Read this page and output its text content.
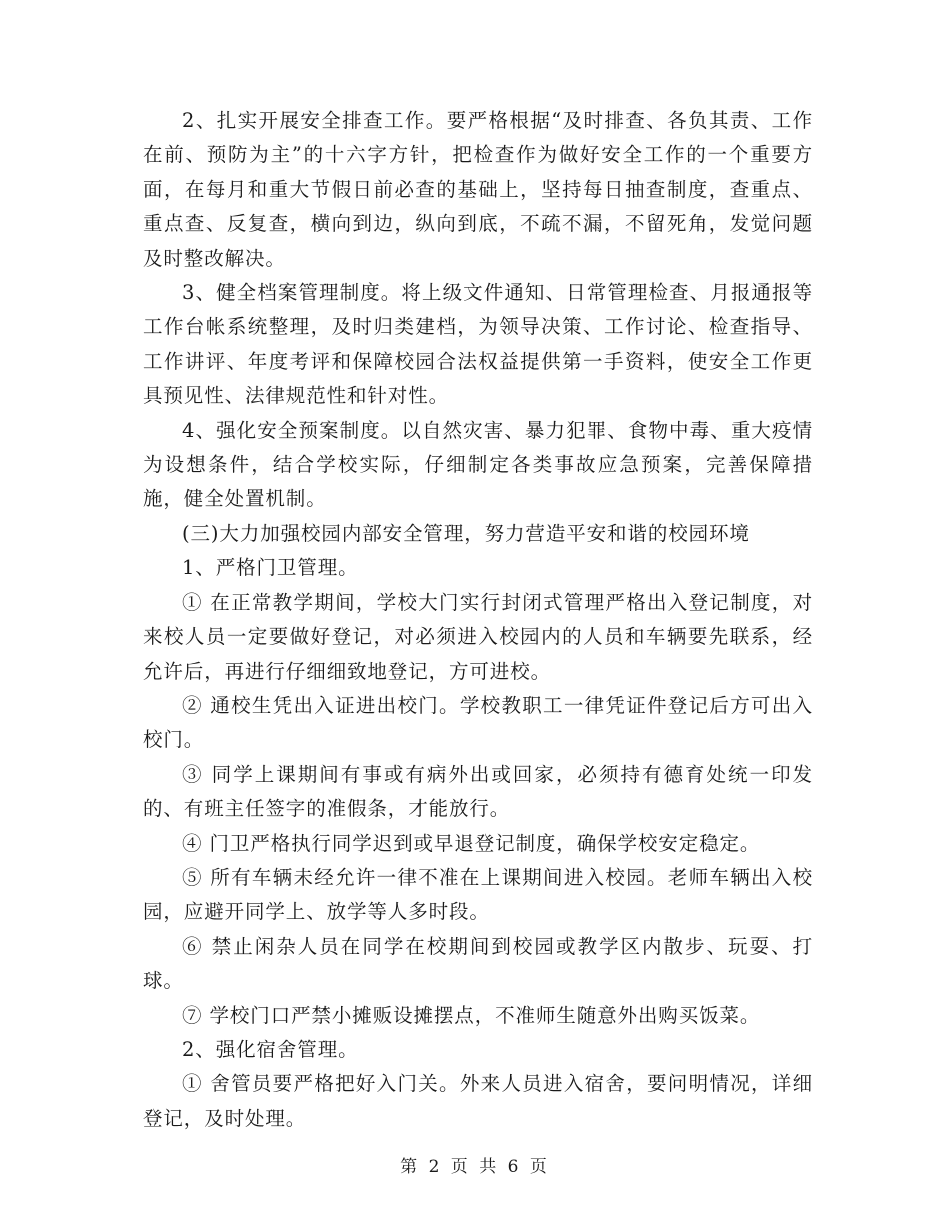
2、扎实开展安全排查工作。要严格根据“及时排查、各负其责、工作在前、预防为主”的十六字方针，把检查作为做好安全工作的一个重要方面，在每月和重大节假日前必查的基础上，坚持每日抽查制度，查重点、重点查、反复查，横向到边，纵向到底，不疏不漏，不留死角，发觉问题及时整改解决。

3、健全档案管理制度。将上级文件通知、日常管理检查、月报通报等工作台帐系统整理，及时归类建档，为领导决策、工作讨论、检查指导、工作讲评、年度考评和保障校园合法权益提供第一手资料，使安全工作更具预见性、法律规范性和针对性。

4、强化安全预案制度。以自然灾害、暴力犯罪、食物中毒、重大疫情为设想条件，结合学校实际，仔细制定各类事故应急预案，完善保障措施，健全处置机制。

(三)大力加强校园内部安全管理，努力营造平安和谐的校园环境

1、严格门卫管理。

① 在正常教学期间，学校大门实行封闭式管理严格出入登记制度，对来校人员一定要做好登记，对必须进入校园内的人员和车辆要先联系，经允许后，再进行仔细细致地登记，方可进校。

② 通校生凭出入证进出校门。学校教职工一律凭证件登记后方可出入校门。

③ 同学上课期间有事或有病外出或回家，必须持有德育处统一印发的、有班主任签字的准假条，才能放行。

④ 门卫严格执行同学迟到或早退登记制度，确保学校安定稳定。

⑤ 所有车辆未经允许一律不准在上课期间进入校园。老师车辆出入校园，应避开同学上、放学等人多时段。

⑥ 禁止闲杂人员在同学在校期间到校园或教学区内散步、玩耍、打球。

⑦ 学校门口严禁小摊贩设摊摆点，不准师生随意外出购买饭菜。

2、强化宿舍管理。

① 舍管员要严格把好入门关。外来人员进入宿舍，要问明情况，详细登记，及时处理。

第 2 页 共 6 页
